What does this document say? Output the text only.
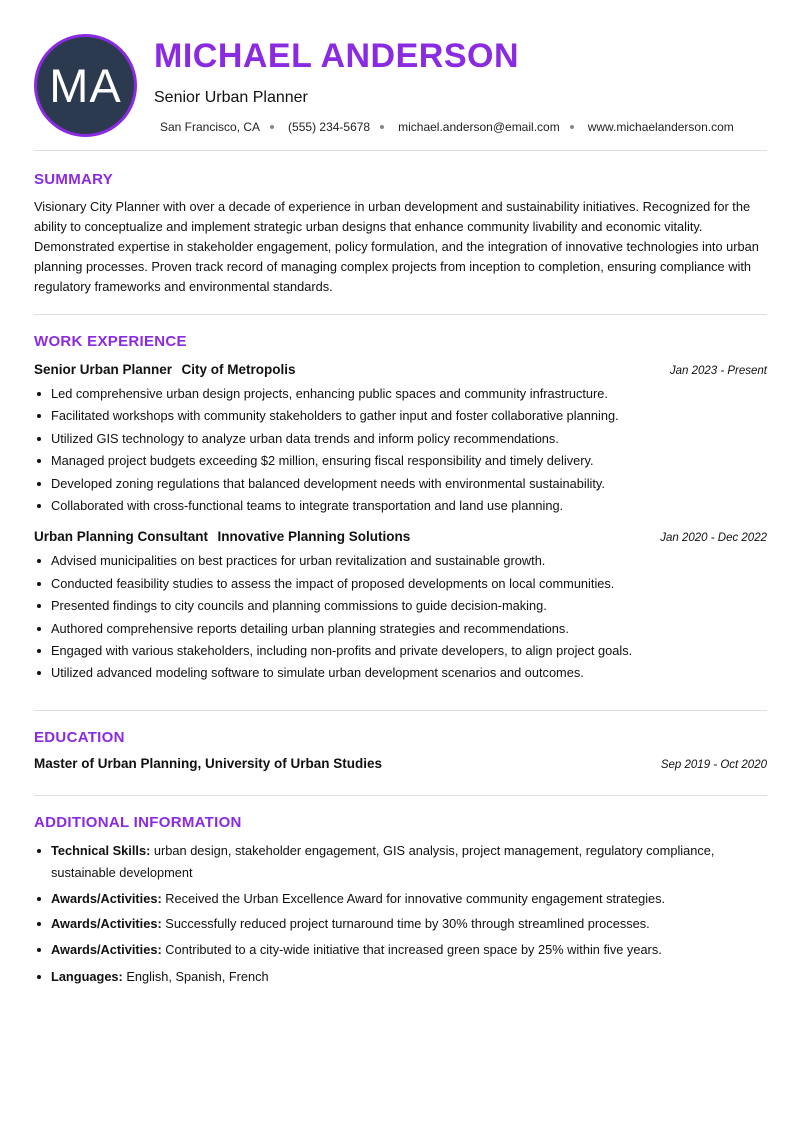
MA
MICHAEL ANDERSON
Senior Urban Planner
San Francisco, CA (555) 234-5678 michael.anderson@email.com www.michaelanderson.com
SUMMARY

Visionary City Planner with over a decade of experience in urban development and sustainability initiatives. Recognized for the ability to conceptualize and implement strategic urban designs that enhance community livability and economic vitality. Demonstrated expertise in stakeholder engagement, policy formulation, and the integration of innovative technologies into urban planning processes. Proven track record of managing complex projects from inception to completion, ensuring compliance with regulatory frameworks and environmental standards.

WORK EXPERIENCE
Senior Urban Planner City of Metropolis	Jan 2023 - Present
Led comprehensive urban design projects, enhancing public spaces and community infrastructure.
Facilitated workshops with community stakeholders to gather input and foster collaborative planning.
Utilized GIS technology to analyze urban data trends and inform policy recommendations.
Managed project budgets exceeding $2 million, ensuring fiscal responsibility and timely delivery.
Developed zoning regulations that balanced development needs with environmental sustainability.
Collaborated with cross-functional teams to integrate transportation and land use planning.
Urban Planning Consultant Innovative Planning Solutions	Jan 2020 - Dec 2022
Advised municipalities on best practices for urban revitalization and sustainable growth.
Conducted feasibility studies to assess the impact of proposed developments on local communities.
Presented findings to city councils and planning commissions to guide decision-making.
Authored comprehensive reports detailing urban planning strategies and recommendations.
Engaged with various stakeholders, including non-profits and private developers, to align project goals.
Utilized advanced modeling software to simulate urban development scenarios and outcomes.
EDUCATION
Master of Urban Planning, University of Urban Studies	Sep 2019 - Oct 2020
ADDITIONAL INFORMATION
Technical Skills: urban design, stakeholder engagement, GIS analysis, project management, regulatory compliance, sustainable development
Awards/Activities: Received the Urban Excellence Award for innovative community engagement strategies.
Awards/Activities: Successfully reduced project turnaround time by 30% through streamlined processes.
Awards/Activities: Contributed to a city-wide initiative that increased green space by 25% within five years.
Languages: English, Spanish, French
